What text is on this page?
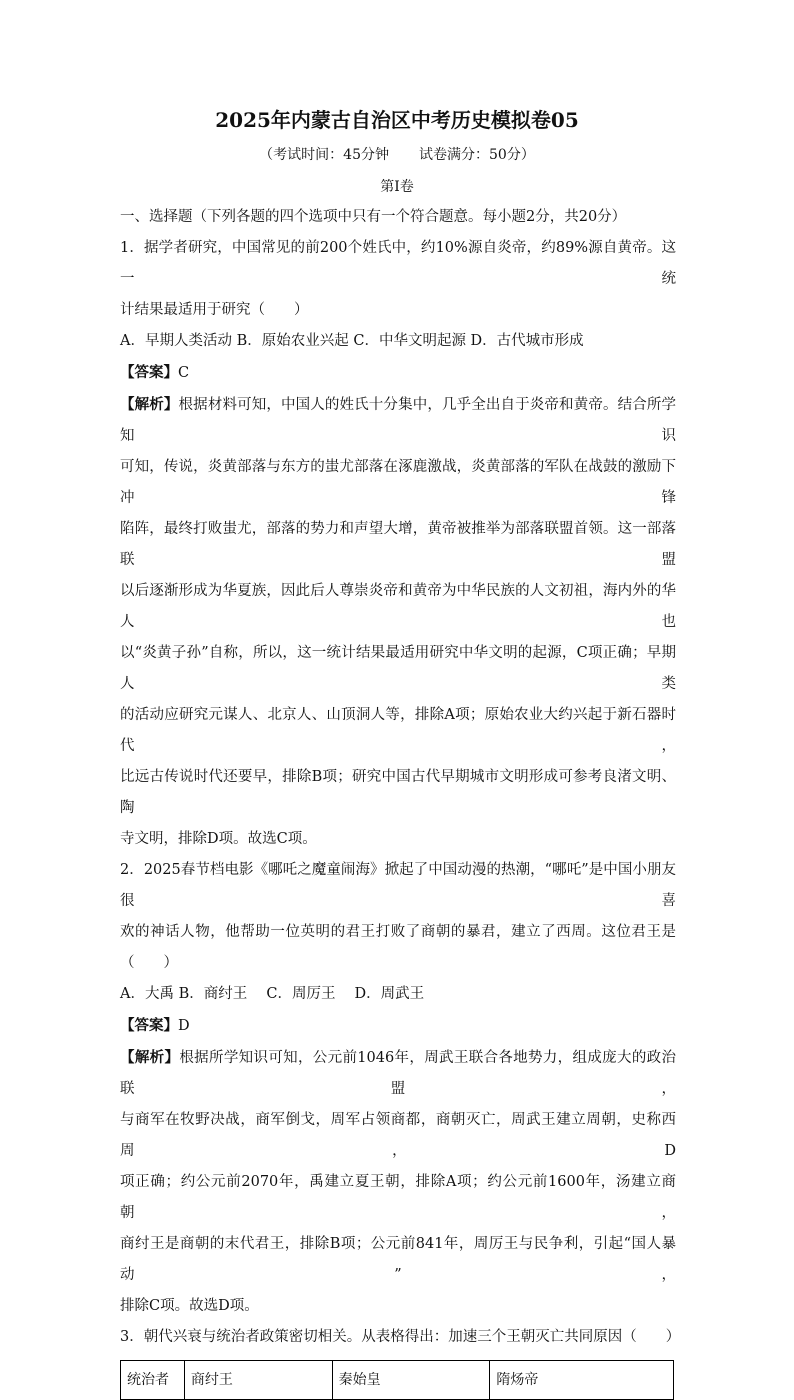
2025年内蒙古自治区中考历史模拟卷05
（考试时间：45分钟 试卷满分：50分）
第I卷

一、选择题（下列各题的四个选项中只有一个符合题意。每小题2分，共20分）

1．据学者研究，中国常见的前200个姓氏中，约10%源自炎帝，约89%源自黄帝。这一统

计结果最适用于研究（　　）

A．早期人类活动 B．原始农业兴起 C．中华文明起源 D．古代城市形成

【答案】C

【解析】根据材料可知，中国人的姓氏十分集中，几乎全出自于炎帝和黄帝。结合所学知识

可知，传说，炎黄部落与东方的蚩尤部落在涿鹿激战，炎黄部落的军队在战鼓的激励下冲锋

陷阵，最终打败蚩尤，部落的势力和声望大增，黄帝被推举为部落联盟首领。这一部落联盟

以后逐渐形成为华夏族，因此后人尊崇炎帝和黄帝为中华民族的人文初祖，海内外的华人也

以“炎黄子孙”自称，所以，这一统计结果最适用研究中华文明的起源，C项正确；早期人类

的活动应研究元谋人、北京人、山顶洞人等，排除A项；原始农业大约兴起于新石器时代，

比远古传说时代还要早，排除B项；研究中国古代早期城市文明形成可参考良渚文明、陶

寺文明，排除D项。故选C项。

2．2025春节档电影《哪吒之魔童闹海》掀起了中国动漫的热潮，“哪吒”是中国小朋友很喜

欢的神话人物，他帮助一位英明的君王打败了商朝的暴君，建立了西周。这位君王是

（　　）

A．大禹 B．商纣王　 C．周厉王　 D．周武王

【答案】D

【解析】根据所学知识可知，公元前1046年，周武王联合各地势力，组成庞大的政治联盟，

与商军在牧野决战，商军倒戈，周军占领商都，商朝灭亡，周武王建立周朝，史称西周，D

项正确；约公元前2070年，禹建立夏王朝，排除A项；约公元前1600年，汤建立商朝，

商纣王是商朝的末代君王，排除B项；公元前841年，周厉王与民争利，引起“国人暴动”，

排除C项。故选D项。

3．朝代兴衰与统治者政策密切相关。从表格得出：加速三个王朝灭亡共同原因（　　）

统治者	商纣王	秦始皇	隋炀帝
